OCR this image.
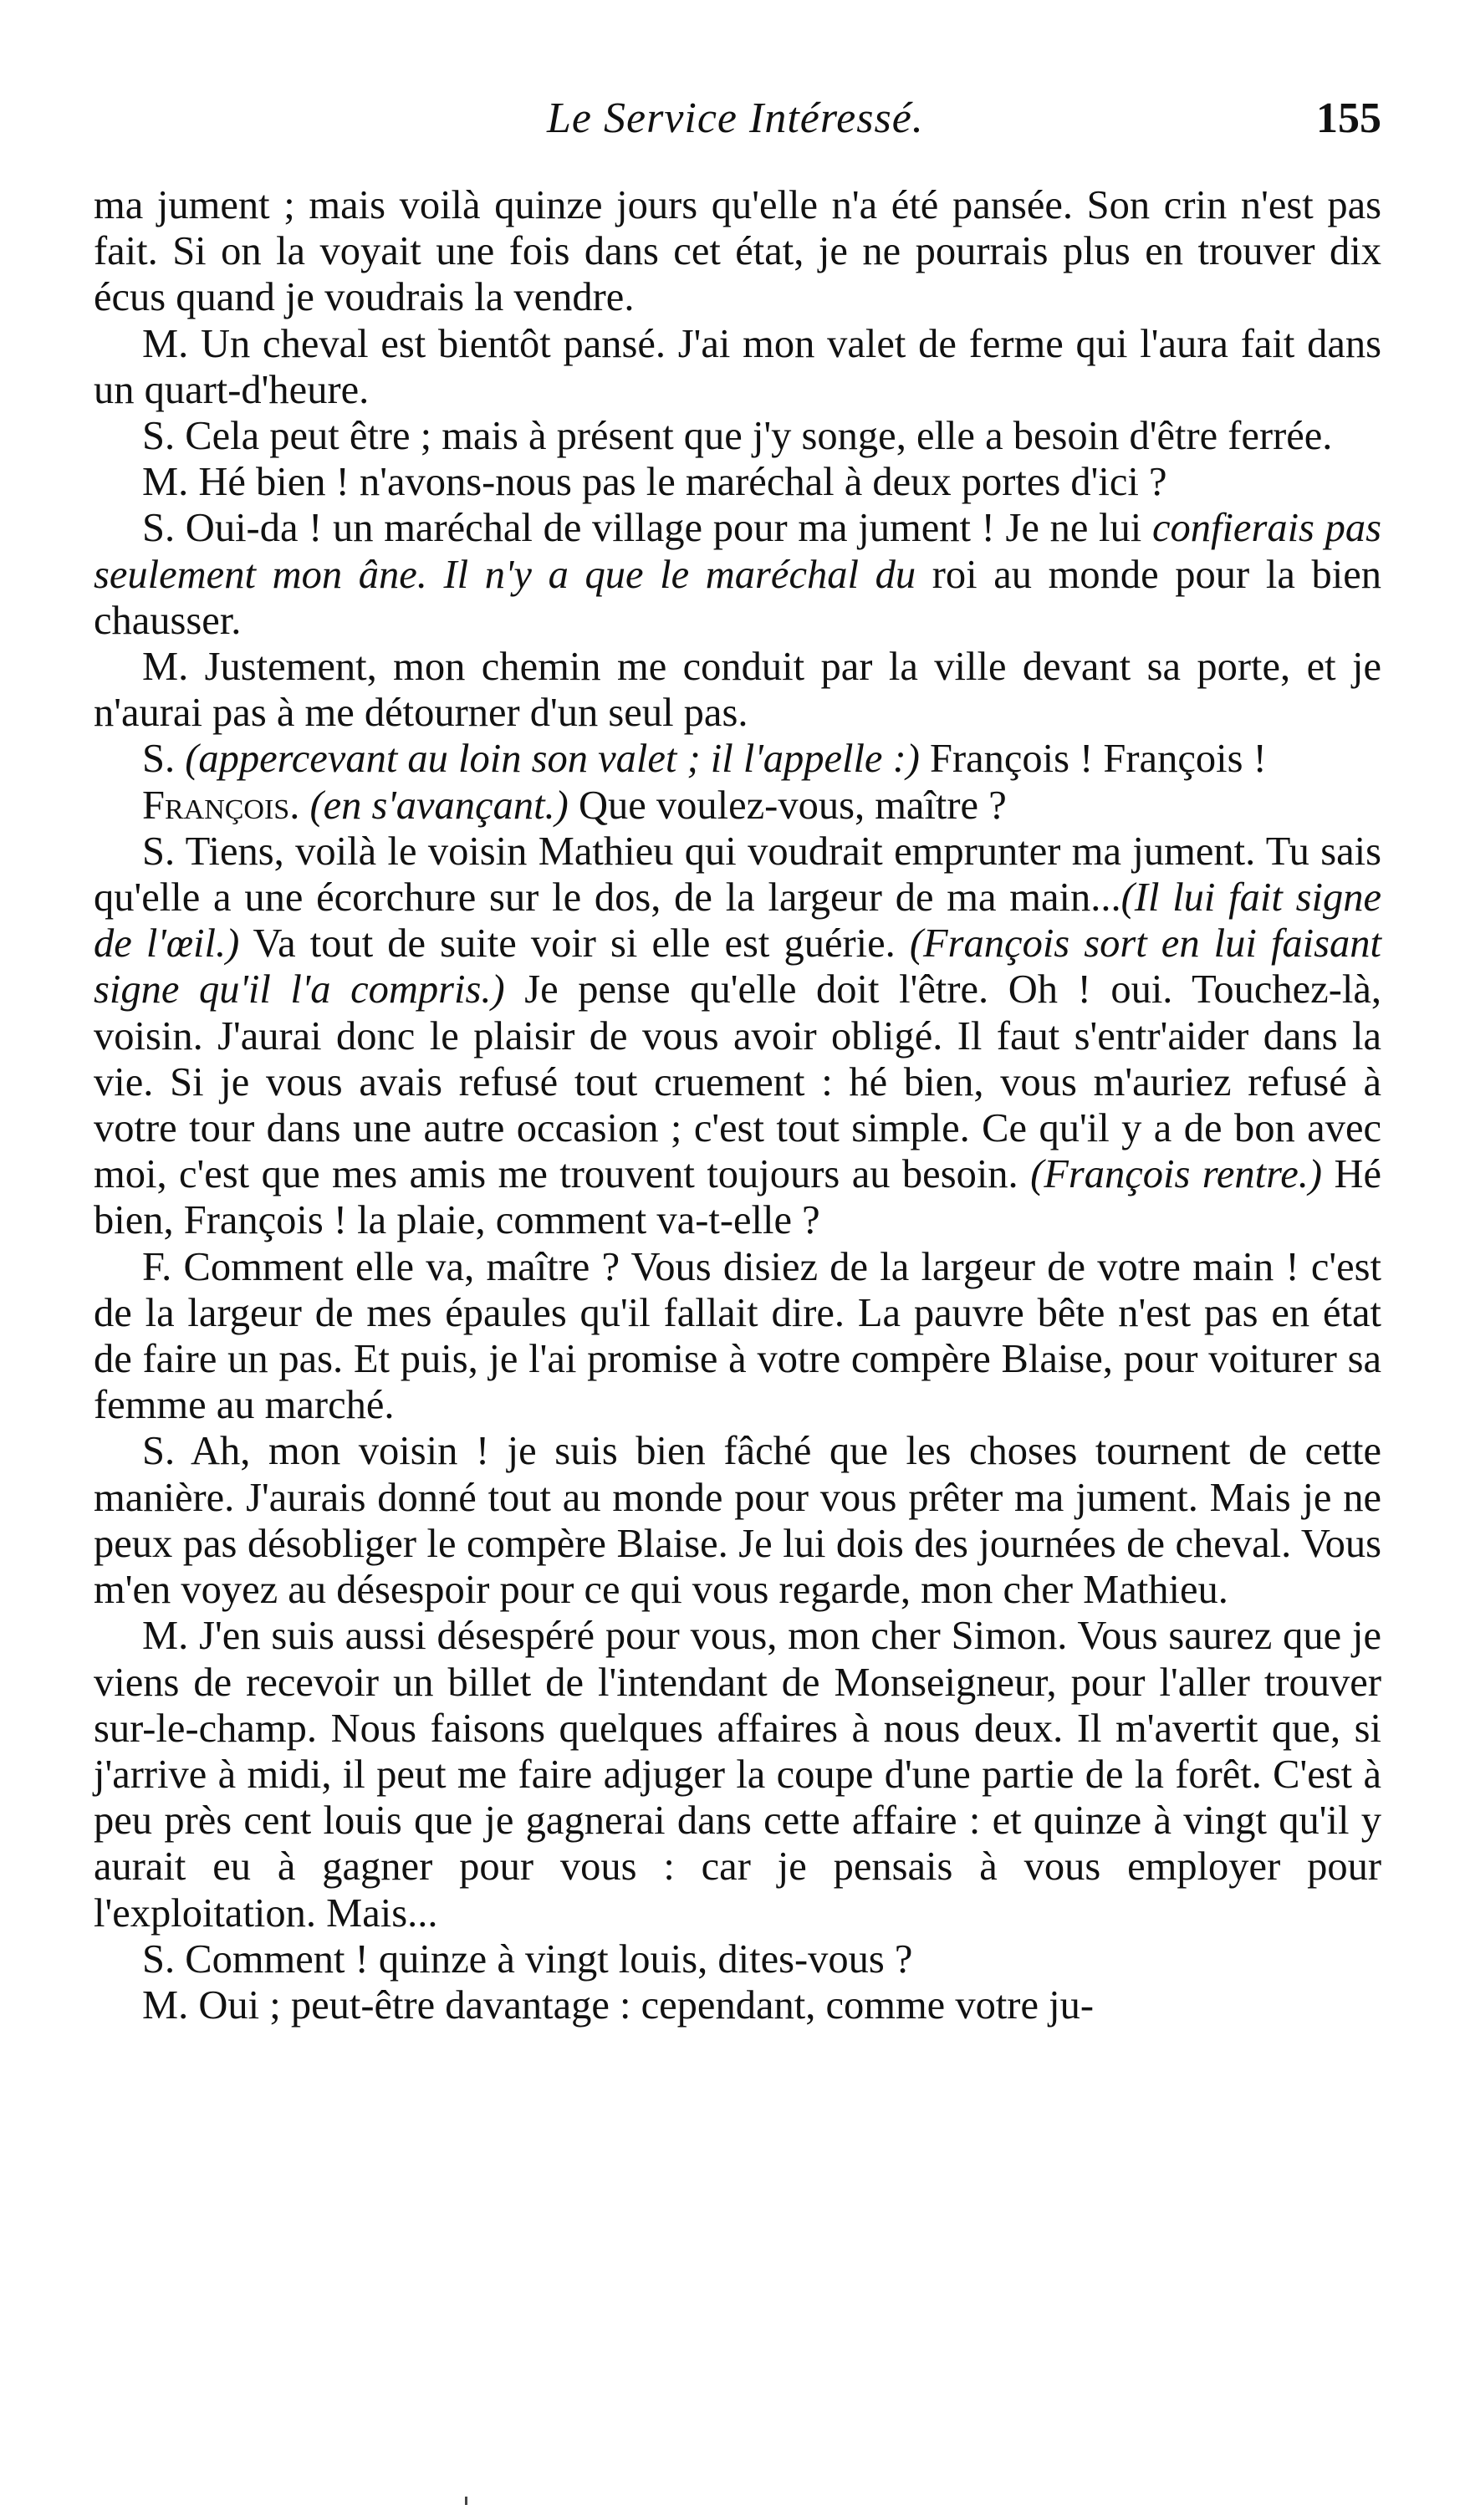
Le Service Intéressé.	155

ma jument ; mais voilà quinze jours qu'elle n'a été pansée. Son crin n'est pas fait. Si on la voyait une fois dans cet état, je ne pourrais plus en trouver dix écus quand je voudrais la vendre.

M. Un cheval est bientôt pansé. J'ai mon valet de ferme qui l'aura fait dans un quart-d'heure.

S. Cela peut être ; mais à présent que j'y songe, elle a besoin d'être ferrée.

M. Hé bien ! n'avons-nous pas le maréchal à deux portes d'ici ?

S. Oui-da ! un maréchal de village pour ma jument ! Je ne lui confierais pas seulement mon âne. Il n'y a que le maréchal du roi au monde pour la bien chausser.

M. Justement, mon chemin me conduit par la ville devant sa porte, et je n'aurai pas à me détourner d'un seul pas.

S. (appercevant au loin son valet ; il l'appelle :) François ! François !

François. (en s'avançant.) Que voulez-vous, maître ?

S. Tiens, voilà le voisin Mathieu qui voudrait emprunter ma jument. Tu sais qu'elle a une écorchure sur le dos, de la largeur de ma main...(Il lui fait signe de l'œil.) Va tout de suite voir si elle est guérie. (François sort en lui faisant signe qu'il l'a compris.) Je pense qu'elle doit l'être. Oh ! oui. Touchez-là, voisin. J'aurai donc le plaisir de vous avoir obligé. Il faut s'entr'aider dans la vie. Si je vous avais refusé tout cruement : hé bien, vous m'auriez refusé à votre tour dans une autre occasion ; c'est tout simple. Ce qu'il y a de bon avec moi, c'est que mes amis me trouvent toujours au besoin. (François rentre.) Hé bien, François ! la plaie, comment va-t-elle ?

F. Comment elle va, maître ? Vous disiez de la largeur de votre main ! c'est de la largeur de mes épaules qu'il fallait dire. La pauvre bête n'est pas en état de faire un pas. Et puis, je l'ai promise à votre compère Blaise, pour voiturer sa femme au marché.

S. Ah, mon voisin ! je suis bien fâché que les choses tournent de cette manière. J'aurais donné tout au monde pour vous prêter ma jument. Mais je ne peux pas désobliger le compère Blaise. Je lui dois des journées de cheval. Vous m'en voyez au désespoir pour ce qui vous regarde, mon cher Mathieu.

M. J'en suis aussi désespéré pour vous, mon cher Simon. Vous saurez que je viens de recevoir un billet de l'intendant de Monseigneur, pour l'aller trouver sur-le-champ. Nous faisons quelques affaires à nous deux. Il m'avertit que, si j'arrive à midi, il peut me faire adjuger la coupe d'une partie de la forêt. C'est à peu près cent louis que je gagnerai dans cette affaire : et quinze à vingt qu'il y aurait eu à gagner pour vous : car je pensais à vous employer pour l'exploitation. Mais...

S. Comment ! quinze à vingt louis, dites-vous ?

M. Oui ; peut-être davantage : cependant, comme votre ju-
